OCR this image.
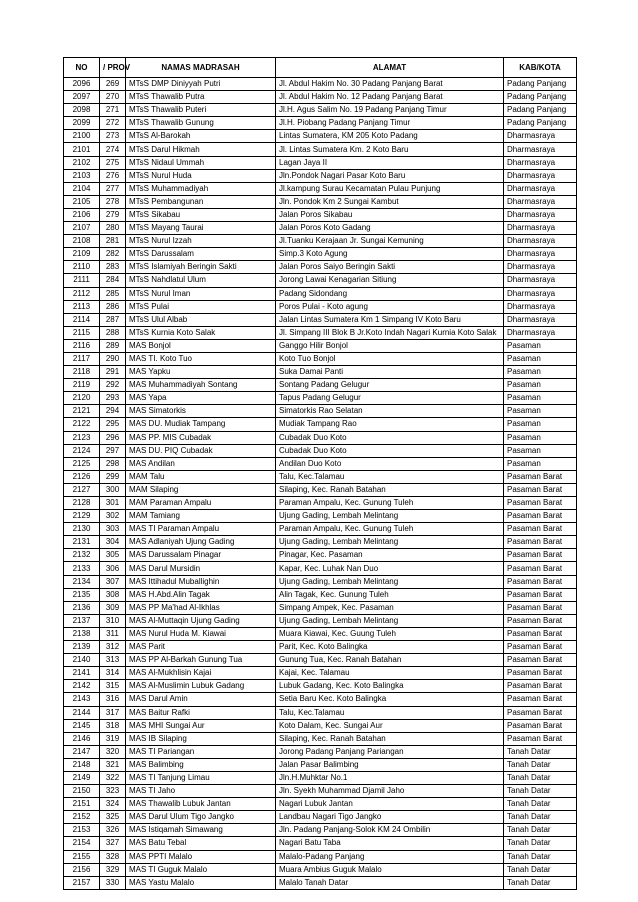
NO	/ PROV	NAMAS MADRASAH	ALAMAT	KAB/KOTA
2096	269	MTsS DMP Diniyyah Putri	Jl. Abdul Hakim No. 30 Padang Panjang Barat	Padang Panjang
2097	270	MTsS Thawalib Putra	Jl. Abdul Hakim No. 12 Padang Panjang Barat	Padang Panjang
2098	271	MTsS Thawalib Puteri	Jl.H. Agus Salim No. 19 Padang Panjang Timur	Padang Panjang
2099	272	MTsS Thawalib Gunung	Jl.H. Piobang Padang Panjang Timur	Padang Panjang
2100	273	MTsS Al-Barokah	Lintas Sumatera, KM 205 Koto Padang	Dharmasraya
2101	274	MTsS Darul Hikmah	Jl. Lintas Sumatera Km. 2 Koto Baru	Dharmasraya
2102	275	MTsS Nidaul Ummah	Lagan Jaya II	Dharmasraya
2103	276	MTsS Nurul Huda	Jln.Pondok Nagari Pasar Koto Baru	Dharmasraya
2104	277	MTsS Muhammadiyah	Jl.kampung Surau Kecamatan Pulau Punjung	Dharmasraya
2105	278	MTsS Pembangunan	Jln. Pondok Km 2 Sungai Kambut	Dharmasraya
2106	279	MTsS Sikabau	Jalan Poros Sikabau	Dharmasraya
2107	280	MTsS Mayang Taurai	Jalan Poros Koto Gadang	Dharmasraya
2108	281	MTsS Nurul Izzah	Jl.Tuanku Kerajaan Jr. Sungai Kemuning	Dharmasraya
2109	282	MTsS Darussalam	Simp.3 Koto Agung	Dharmasraya
2110	283	MTsS Islamiyah Beringin Sakti	Jalan Poros Saiyo Beringin Sakti	Dharmasraya
2111	284	MTsS Nahdlatul Ulum	Jorong Lawai Kenagarian Sitiung	Dharmasraya
2112	285	MTsS Nurul Iman	Padang Sidondang	Dharmasraya
2113	286	MTsS Pulai	Poros Pulai - Koto agung	Dharmasraya
2114	287	MTsS Ulul Albab	Jalan Lintas Sumatera Km 1 Simpang IV Koto Baru	Dharmasraya
2115	288	MTsS Kurnia Koto Salak	Jl. Simpang III Blok B Jr.Koto Indah Nagari Kurnia Koto Salak	Dharmasraya
2116	289	MAS Bonjol	Ganggo Hilir Bonjol	Pasaman
2117	290	MAS TI. Koto Tuo	Koto Tuo Bonjol	Pasaman
2118	291	MAS Yapku	Suka Damai Panti	Pasaman
2119	292	MAS Muhammadiyah Sontang	Sontang Padang Gelugur	Pasaman
2120	293	MAS Yapa	Tapus Padang Gelugur	Pasaman
2121	294	MAS Simatorkis	Simatorkis Rao Selatan	Pasaman
2122	295	MAS DU. Mudiak Tampang	Mudiak Tampang Rao	Pasaman
2123	296	MAS PP. MIS Cubadak	Cubadak Duo Koto	Pasaman
2124	297	MAS DU. PIQ Cubadak	Cubadak Duo Koto	Pasaman
2125	298	MAS Andilan	Andilan Duo Koto	Pasaman
2126	299	MAM Talu	Talu, Kec.Talamau	Pasaman Barat
2127	300	MAM Silaping	Silaping, Kec. Ranah Batahan	Pasaman Barat
2128	301	MAM Paraman Ampalu	Paraman Ampalu, Kec. Gunung Tuleh	Pasaman Barat
2129	302	MAM Tamiang	Ujung Gading, Lembah Melintang	Pasaman Barat
2130	303	MAS TI Paraman Ampalu	Paraman Ampalu, Kec. Gunung Tuleh	Pasaman Barat
2131	304	MAS Adlaniyah Ujung Gading	Ujung Gading, Lembah Melintang	Pasaman Barat
2132	305	MAS Darussalam Pinagar	Pinagar, Kec. Pasaman	Pasaman Barat
2133	306	MAS Darul Mursidin	Kapar, Kec. Luhak Nan Duo	Pasaman Barat
2134	307	MAS Ittihadul Muballighin	Ujung Gading, Lembah Melintang	Pasaman Barat
2135	308	MAS H.Abd.Alin Tagak	Alin Tagak, Kec. Gunung Tuleh	Pasaman Barat
2136	309	MAS PP Ma'had Al-Ikhlas	Simpang Ampek, Kec. Pasaman	Pasaman Barat
2137	310	MAS Al-Muttaqin Ujung Gading	Ujung Gading, Lembah Melintang	Pasaman Barat
2138	311	MAS Nurul Huda M. Kiawai	Muara Kiawai, Kec. Guung Tuleh	Pasaman Barat
2139	312	MAS Parit	Parit, Kec. Koto Balingka	Pasaman Barat
2140	313	MAS PP Al-Barkah Gunung Tua	Gunung Tua, Kec. Ranah Batahan	Pasaman Barat
2141	314	MAS Al-Mukhlisin Kajai	Kajai, Kec. Talamau	Pasaman Barat
2142	315	MAS Al-Muslimin Lubuk Gadang	Lubuk Gadang, Kec. Koto Balingka	Pasaman Barat
2143	316	MAS Darul Amin	Setia Baru Kec. Koto Balingka	Pasaman Barat
2144	317	MAS Baitur Rafki	Talu, Kec.Talamau	Pasaman Barat
2145	318	MAS MHI Sungai Aur	Koto Dalam, Kec. Sungai Aur	Pasaman Barat
2146	319	MAS IB Silaping	Silaping, Kec. Ranah Batahan	Pasaman Barat
2147	320	MAS TI Pariangan	Jorong Padang Panjang Pariangan	Tanah Datar
2148	321	MAS Balimbing	Jalan Pasar Balimbing	Tanah Datar
2149	322	MAS TI Tanjung Limau	Jln.H.Muhktar No.1	Tanah Datar
2150	323	MAS TI Jaho	Jln. Syekh Muhammad Djamil Jaho	Tanah Datar
2151	324	MAS Thawalib Lubuk Jantan	Nagari Lubuk Jantan	Tanah Datar
2152	325	MAS Darul Ulum Tigo Jangko	Landbau Nagari Tigo Jangko	Tanah Datar
2153	326	MAS Istiqamah Simawang	Jln. Padang Panjang-Solok KM 24 Ombilin	Tanah Datar
2154	327	MAS Batu Tebal	Nagari Batu Taba	Tanah Datar
2155	328	MAS PPTI Malalo	Malalo-Padang Panjang	Tanah Datar
2156	329	MAS TI Guguk Malalo	Muara Ambius Guguk Malalo	Tanah Datar
2157	330	MAS Yastu Malalo	Malalo Tanah Datar	Tanah Datar
